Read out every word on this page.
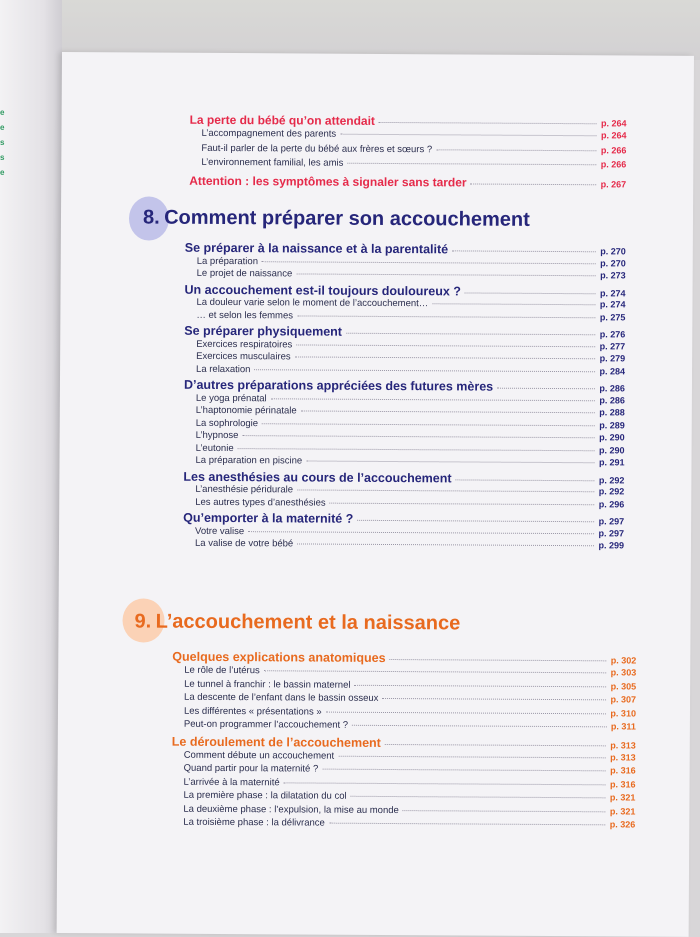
e
e
s
s
e
8. Comment préparer son accouchement
9. L’accouchement et la naissance
La perte du bébé qu’on attendait	p. 264
L’accompagnement des parents	p. 264
Faut-il parler de la perte du bébé aux frères et sœurs ?	p. 266
L’environnement familial, les amis	p. 266
Attention : les symptômes à signaler sans tarder	p. 267
Se préparer à la naissance et à la parentalité	p. 270
La préparation	p. 270
Le projet de naissance	p. 273
Un accouchement est-il toujours douloureux ?	p. 274
La douleur varie selon le moment de l’accouchement…	p. 274
… et selon les femmes	p. 275
Se préparer physiquement	p. 276
Exercices respiratoires	p. 277
Exercices musculaires	p. 279
La relaxation	p. 284
D’autres préparations appréciées des futures mères	p. 286
Le yoga prénatal	p. 286
L’haptonomie périnatale	p. 288
La sophrologie	p. 289
L’hypnose	p. 290
L’eutonie	p. 290
La préparation en piscine	p. 291
Les anesthésies au cours de l’accouchement	p. 292
L’anesthésie péridurale	p. 292
Les autres types d’anesthésies	p. 296
Qu’emporter à la maternité ?	p. 297
Votre valise	p. 297
La valise de votre bébé	p. 299
Quelques explications anatomiques	p. 302
Le rôle de l’utérus	p. 303
Le tunnel à franchir : le bassin maternel	p. 305
La descente de l’enfant dans le bassin osseux	p. 307
Les différentes « présentations »	p. 310
Peut-on programmer l’accouchement ?	p. 311
Le déroulement de l’accouchement	p. 313
Comment débute un accouchement	p. 313
Quand partir pour la maternité ?	p. 316
L’arrivée à la maternité	p. 316
La première phase : la dilatation du col	p. 321
La deuxième phase : l’expulsion, la mise au monde	p. 321
La troisième phase : la délivrance	p. 326
